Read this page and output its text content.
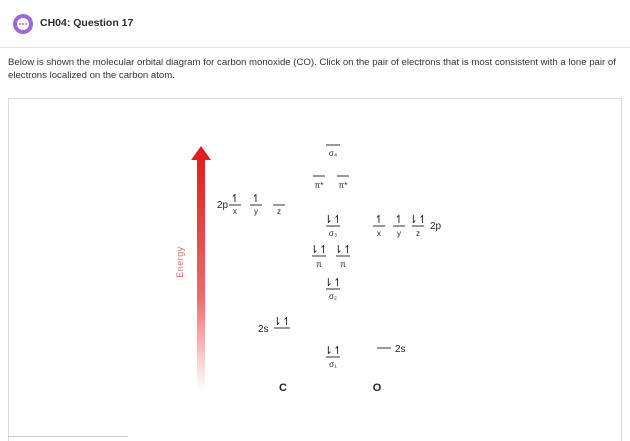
CH04: Question 17
Below is shown the molecular orbital diagram for carbon monoxide (CO). Click on the pair of electrons that is most consistent with a lone pair of electrons localized on the carbon atom.
Energy
2p
↿ ↿
x y z
2s
⇂↿
σ₄
π* π*
⇂↿
σ₃
⇂↿ ⇂↿
π π
⇂↿
σ₂
⇂↿
σ₁
↿ ↿ ⇂↿
x y z
2p
2s
C	O
